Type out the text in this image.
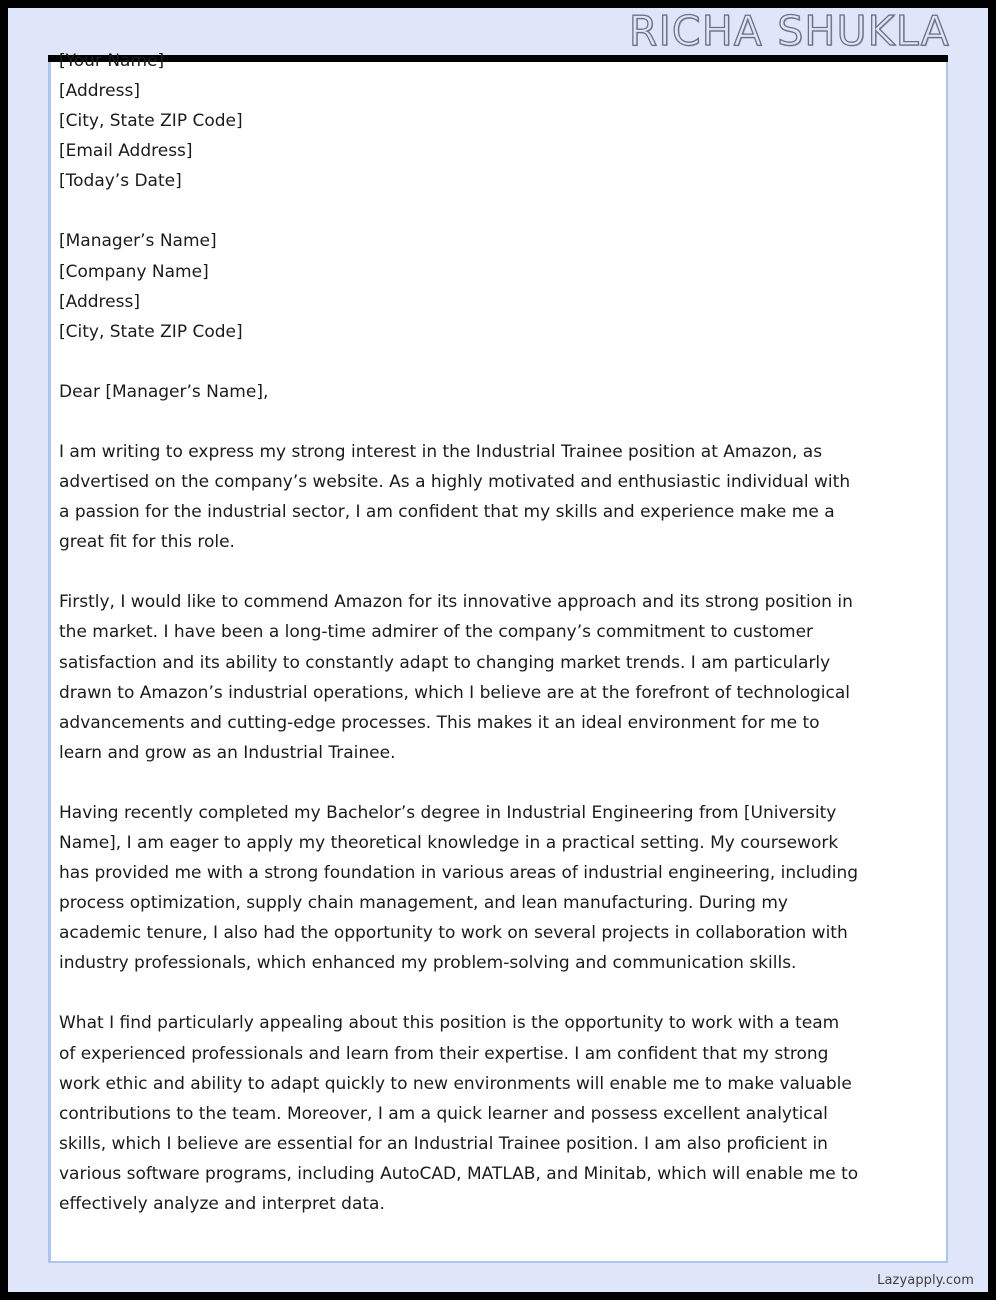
RICHA SHUKLA
[Your Name]
[Address]
[City, State ZIP Code]
[Email Address]
[Today’s Date]
[Manager’s Name]
[Company Name]
[Address]
[City, State ZIP Code]

Dear [Manager’s Name],

I am writing to express my strong interest in the Industrial Trainee position at Amazon, as advertised on the company’s website. As a highly motivated and enthusiastic individual with a passion for the industrial sector, I am confident that my skills and experience make me a great fit for this role.

Firstly, I would like to commend Amazon for its innovative approach and its strong position in the market. I have been a long-time admirer of the company’s commitment to customer satisfaction and its ability to constantly adapt to changing market trends. I am particularly drawn to Amazon’s industrial operations, which I believe are at the forefront of technological advancements and cutting-edge processes. This makes it an ideal environment for me to learn and grow as an Industrial Trainee.

Having recently completed my Bachelor’s degree in Industrial Engineering from [University Name], I am eager to apply my theoretical knowledge in a practical setting. My coursework has provided me with a strong foundation in various areas of industrial engineering, including process optimization, supply chain management, and lean manufacturing. During my academic tenure, I also had the opportunity to work on several projects in collaboration with industry professionals, which enhanced my problem-solving and communication skills.

What I find particularly appealing about this position is the opportunity to work with a team of experienced professionals and learn from their expertise. I am confident that my strong work ethic and ability to adapt quickly to new environments will enable me to make valuable contributions to the team. Moreover, I am a quick learner and possess excellent analytical skills, which I believe are essential for an Industrial Trainee position. I am also proficient in various software programs, including AutoCAD, MATLAB, and Minitab, which will enable me to effectively analyze and interpret data.

Lazyapply.com
